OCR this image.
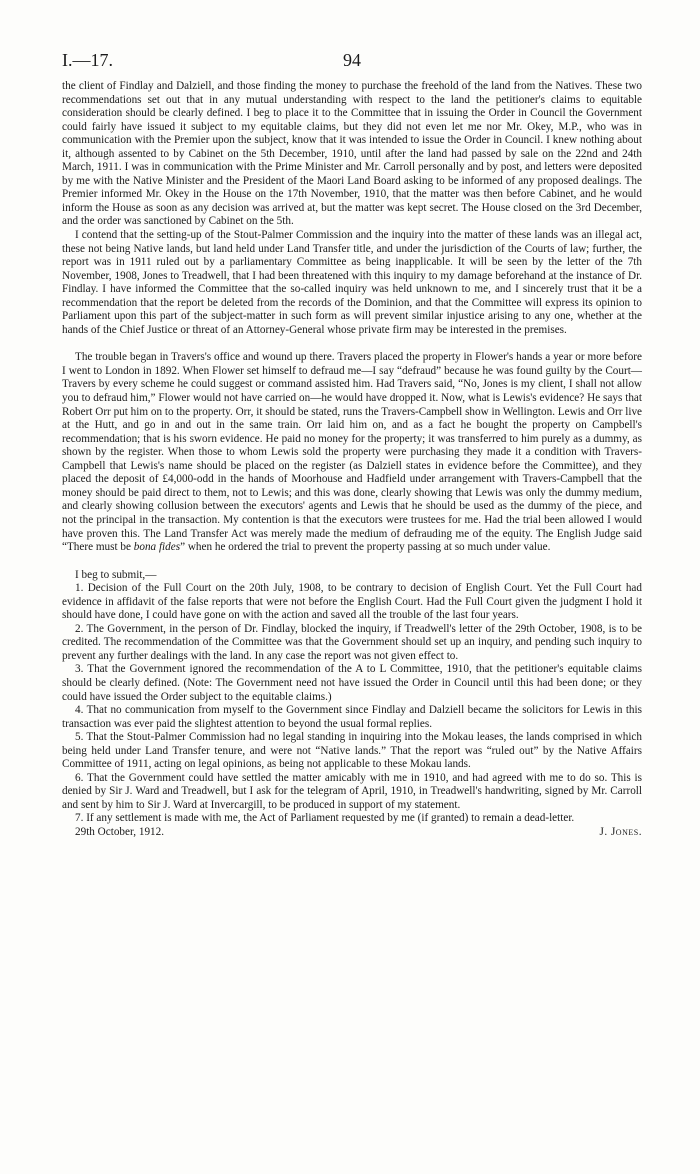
I.—17.	94

the client of Findlay and Dalziell, and those finding the money to purchase the freehold of the land from the Natives. These two recommendations set out that in any mutual understanding with respect to the land the petitioner's claims to equitable consideration should be clearly defined. I beg to place it to the Committee that in issuing the Order in Council the Government could fairly have issued it subject to my equitable claims, but they did not even let me nor Mr. Okey, M.P., who was in communication with the Premier upon the subject, know that it was intended to issue the Order in Council. I knew nothing about it, although assented to by Cabinet on the 5th December, 1910, until after the land had passed by sale on the 22nd and 24th March, 1911. I was in communication with the Prime Minister and Mr. Carroll personally and by post, and letters were deposited by me with the Native Minister and the President of the Maori Land Board asking to be informed of any proposed dealings. The Premier informed Mr. Okey in the House on the 17th November, 1910, that the matter was then before Cabinet, and he would inform the House as soon as any decision was arrived at, but the matter was kept secret. The House closed on the 3rd December, and the order was sanctioned by Cabinet on the 5th.

I contend that the setting-up of the Stout-Palmer Commission and the inquiry into the matter of these lands was an illegal act, these not being Native lands, but land held under Land Transfer title, and under the jurisdiction of the Courts of law; further, the report was in 1911 ruled out by a parliamentary Committee as being inapplicable. It will be seen by the letter of the 7th November, 1908, Jones to Treadwell, that I had been threatened with this inquiry to my damage beforehand at the instance of Dr. Findlay. I have informed the Committee that the so-called inquiry was held unknown to me, and I sincerely trust that it be a recommendation that the report be deleted from the records of the Dominion, and that the Committee will express its opinion to Parliament upon this part of the subject-matter in such form as will prevent similar injustice arising to any one, whether at the hands of the Chief Justice or threat of an Attorney-General whose private firm may be interested in the premises.

The trouble began in Travers's office and wound up there. Travers placed the property in Flower's hands a year or more before I went to London in 1892. When Flower set himself to defraud me—I say “defraud” because he was found guilty by the Court—Travers by every scheme he could suggest or command assisted him. Had Travers said, “No, Jones is my client, I shall not allow you to defraud him,” Flower would not have carried on—he would have dropped it. Now, what is Lewis's evidence? He says that Robert Orr put him on to the property. Orr, it should be stated, runs the Travers-Campbell show in Wellington. Lewis and Orr live at the Hutt, and go in and out in the same train. Orr laid him on, and as a fact he bought the property on Campbell's recommendation; that is his sworn evidence. He paid no money for the property; it was transferred to him purely as a dummy, as shown by the register. When those to whom Lewis sold the property were purchasing they made it a condition with Travers-Campbell that Lewis's name should be placed on the register (as Dalziell states in evidence before the Committee), and they placed the deposit of £4,000-odd in the hands of Moorhouse and Hadfield under arrangement with Travers-Campbell that the money should be paid direct to them, not to Lewis; and this was done, clearly showing that Lewis was only the dummy medium, and clearly showing collusion between the executors' agents and Lewis that he should be used as the dummy of the piece, and not the principal in the transaction. My contention is that the executors were trustees for me. Had the trial been allowed I would have proven this. The Land Transfer Act was merely made the medium of defrauding me of the equity. The English Judge said “There must be bona fides” when he ordered the trial to prevent the property passing at so much under value.

I beg to submit,—

1. Decision of the Full Court on the 20th July, 1908, to be contrary to decision of English Court. Yet the Full Court had evidence in affidavit of the false reports that were not before the English Court. Had the Full Court given the judgment I hold it should have done, I could have gone on with the action and saved all the trouble of the last four years.

2. The Government, in the person of Dr. Findlay, blocked the inquiry, if Treadwell's letter of the 29th October, 1908, is to be credited. The recommendation of the Committee was that the Government should set up an inquiry, and pending such inquiry to prevent any further dealings with the land. In any case the report was not given effect to.

3. That the Government ignored the recommendation of the A to L Committee, 1910, that the petitioner's equitable claims should be clearly defined. (Note: The Government need not have issued the Order in Council until this had been done; or they could have issued the Order subject to the equitable claims.)

4. That no communication from myself to the Government since Findlay and Dalziell became the solicitors for Lewis in this transaction was ever paid the slightest attention to beyond the usual formal replies.

5. That the Stout-Palmer Commission had no legal standing in inquiring into the Mokau leases, the lands comprised in which being held under Land Transfer tenure, and were not “Native lands.” That the report was “ruled out” by the Native Affairs Committee of 1911, acting on legal opinions, as being not applicable to these Mokau lands.

6. That the Government could have settled the matter amicably with me in 1910, and had agreed with me to do so. This is denied by Sir J. Ward and Treadwell, but I ask for the telegram of April, 1910, in Treadwell's handwriting, signed by Mr. Carroll and sent by him to Sir J. Ward at Invercargill, to be produced in support of my statement.

7. If any settlement is made with me, the Act of Parliament requested by me (if granted) to remain a dead-letter.

29th October, 1912.	J. Jones.
